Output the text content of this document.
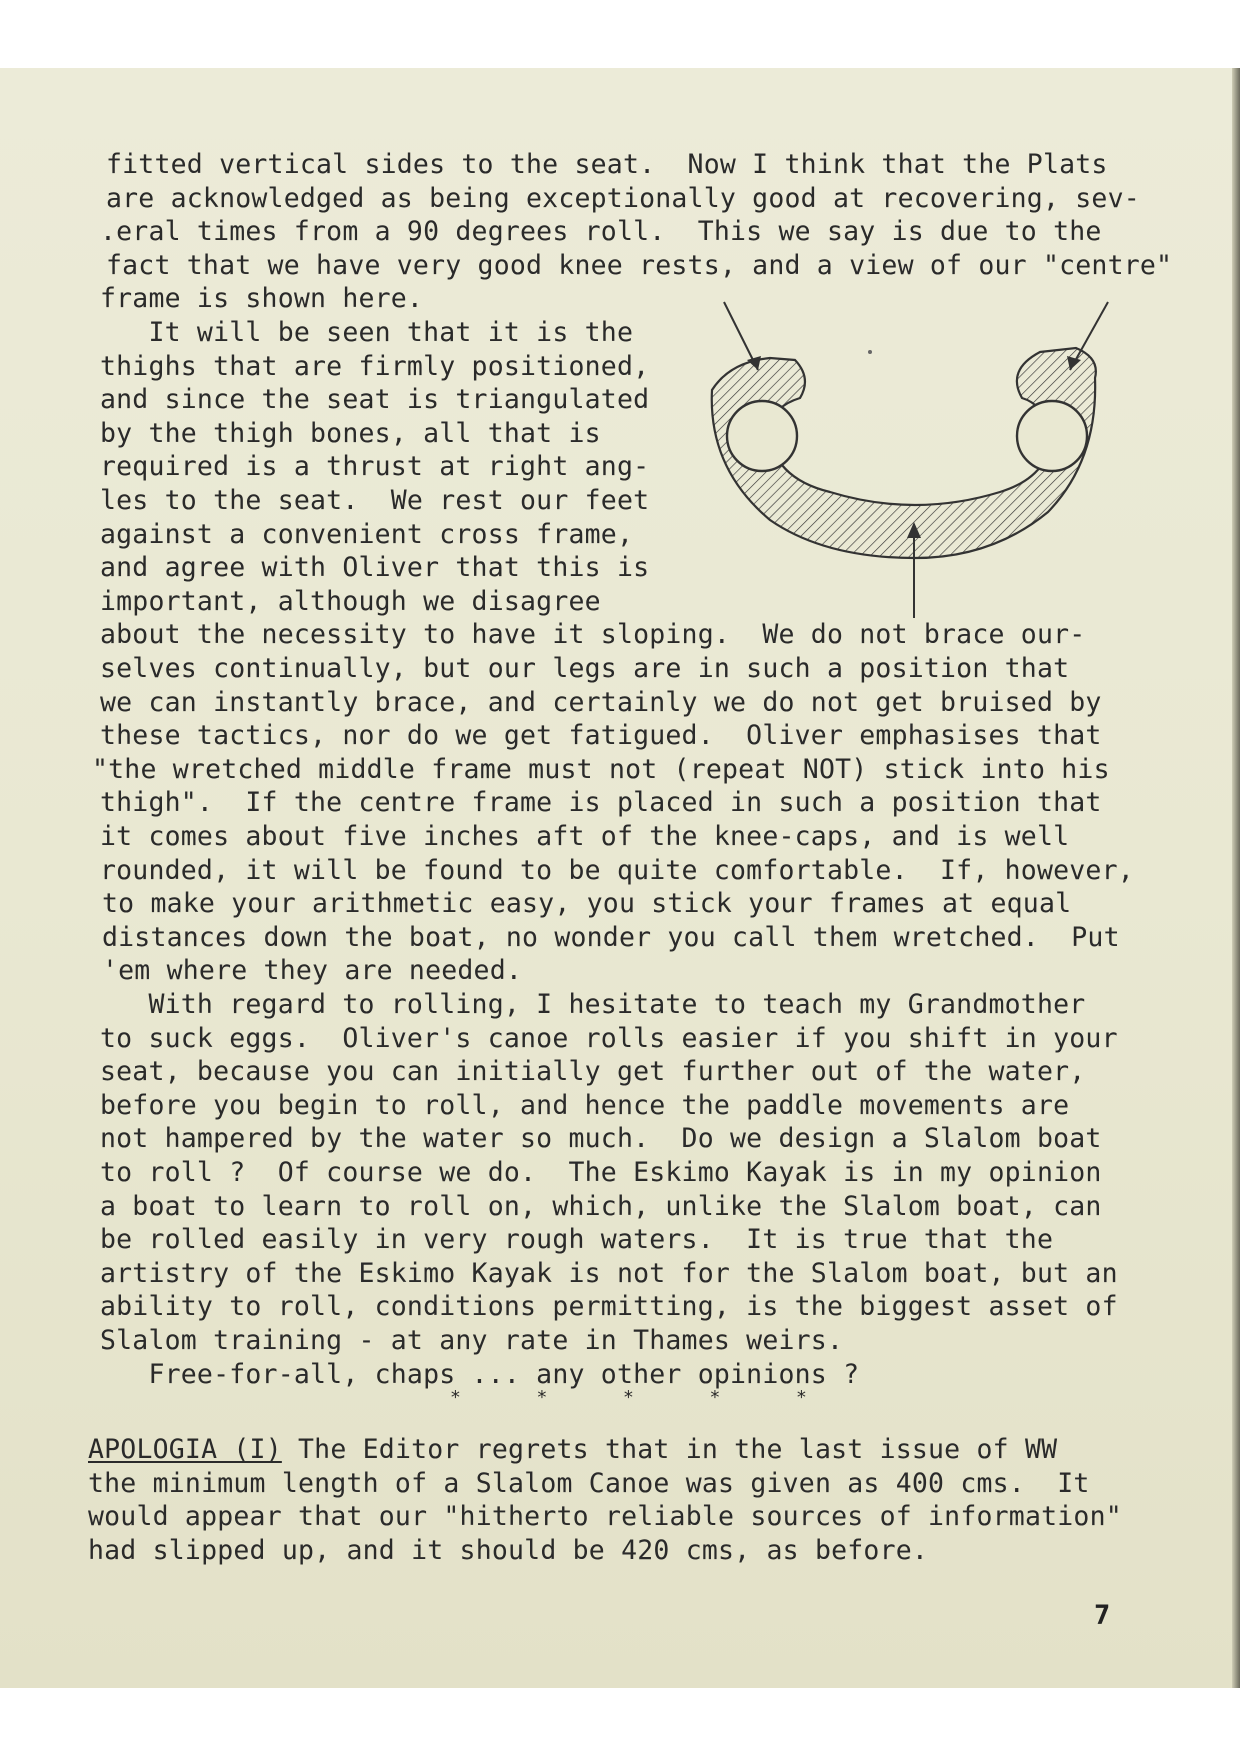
fitted vertical sides to the seat.  Now I think that the Plats
are acknowledged as being exceptionally good at recovering, sev-
.eral times from a 90 degrees roll.  This we say is due to the
fact that we have very good knee rests, and a view of our "centre"
frame is shown here.
It will be seen that it is the
thighs that are firmly positioned,
and since the seat is triangulated
by the thigh bones, all that is
required is a thrust at right ang-
les to the seat.  We rest our feet
against a convenient cross frame,
and agree with Oliver that this is
important, although we disagree
about the necessity to have it sloping.  We do not brace our-
selves continually, but our legs are in such a position that
we can instantly brace, and certainly we do not get bruised by
these tactics, nor do we get fatigued.  Oliver emphasises that
"the wretched middle frame must not (repeat NOT) stick into his
thigh".  If the centre frame is placed in such a position that
it comes about five inches aft of the knee-caps, and is well
rounded, it will be found to be quite comfortable.  If, however,
to make your arithmetic easy, you stick your frames at equal
distances down the boat, no wonder you call them wretched.  Put
'em where they are needed.
With regard to rolling, I hesitate to teach my Grandmother
to suck eggs.  Oliver's canoe rolls easier if you shift in your
seat, because you can initially get further out of the water,
before you begin to roll, and hence the paddle movements are
not hampered by the water so much.  Do we design a Slalom boat
to roll ?  Of course we do.  The Eskimo Kayak is in my opinion
a boat to learn to roll on, which, unlike the Slalom boat, can
be rolled easily in very rough waters.  It is true that the
artistry of the Eskimo Kayak is not for the Slalom boat, but an
ability to roll, conditions permitting, is the biggest asset of
Slalom training - at any rate in Thames weirs.
Free-for-all, chaps ... any other opinions ?
*  *  *  *  *

APOLOGIA (I) The Editor regrets that in the last issue of WW

the minimum length of a Slalom Canoe was given as 400 cms.  It
would appear that our "hitherto reliable sources of information"
had slipped up, and it should be 420 cms, as before.
7
